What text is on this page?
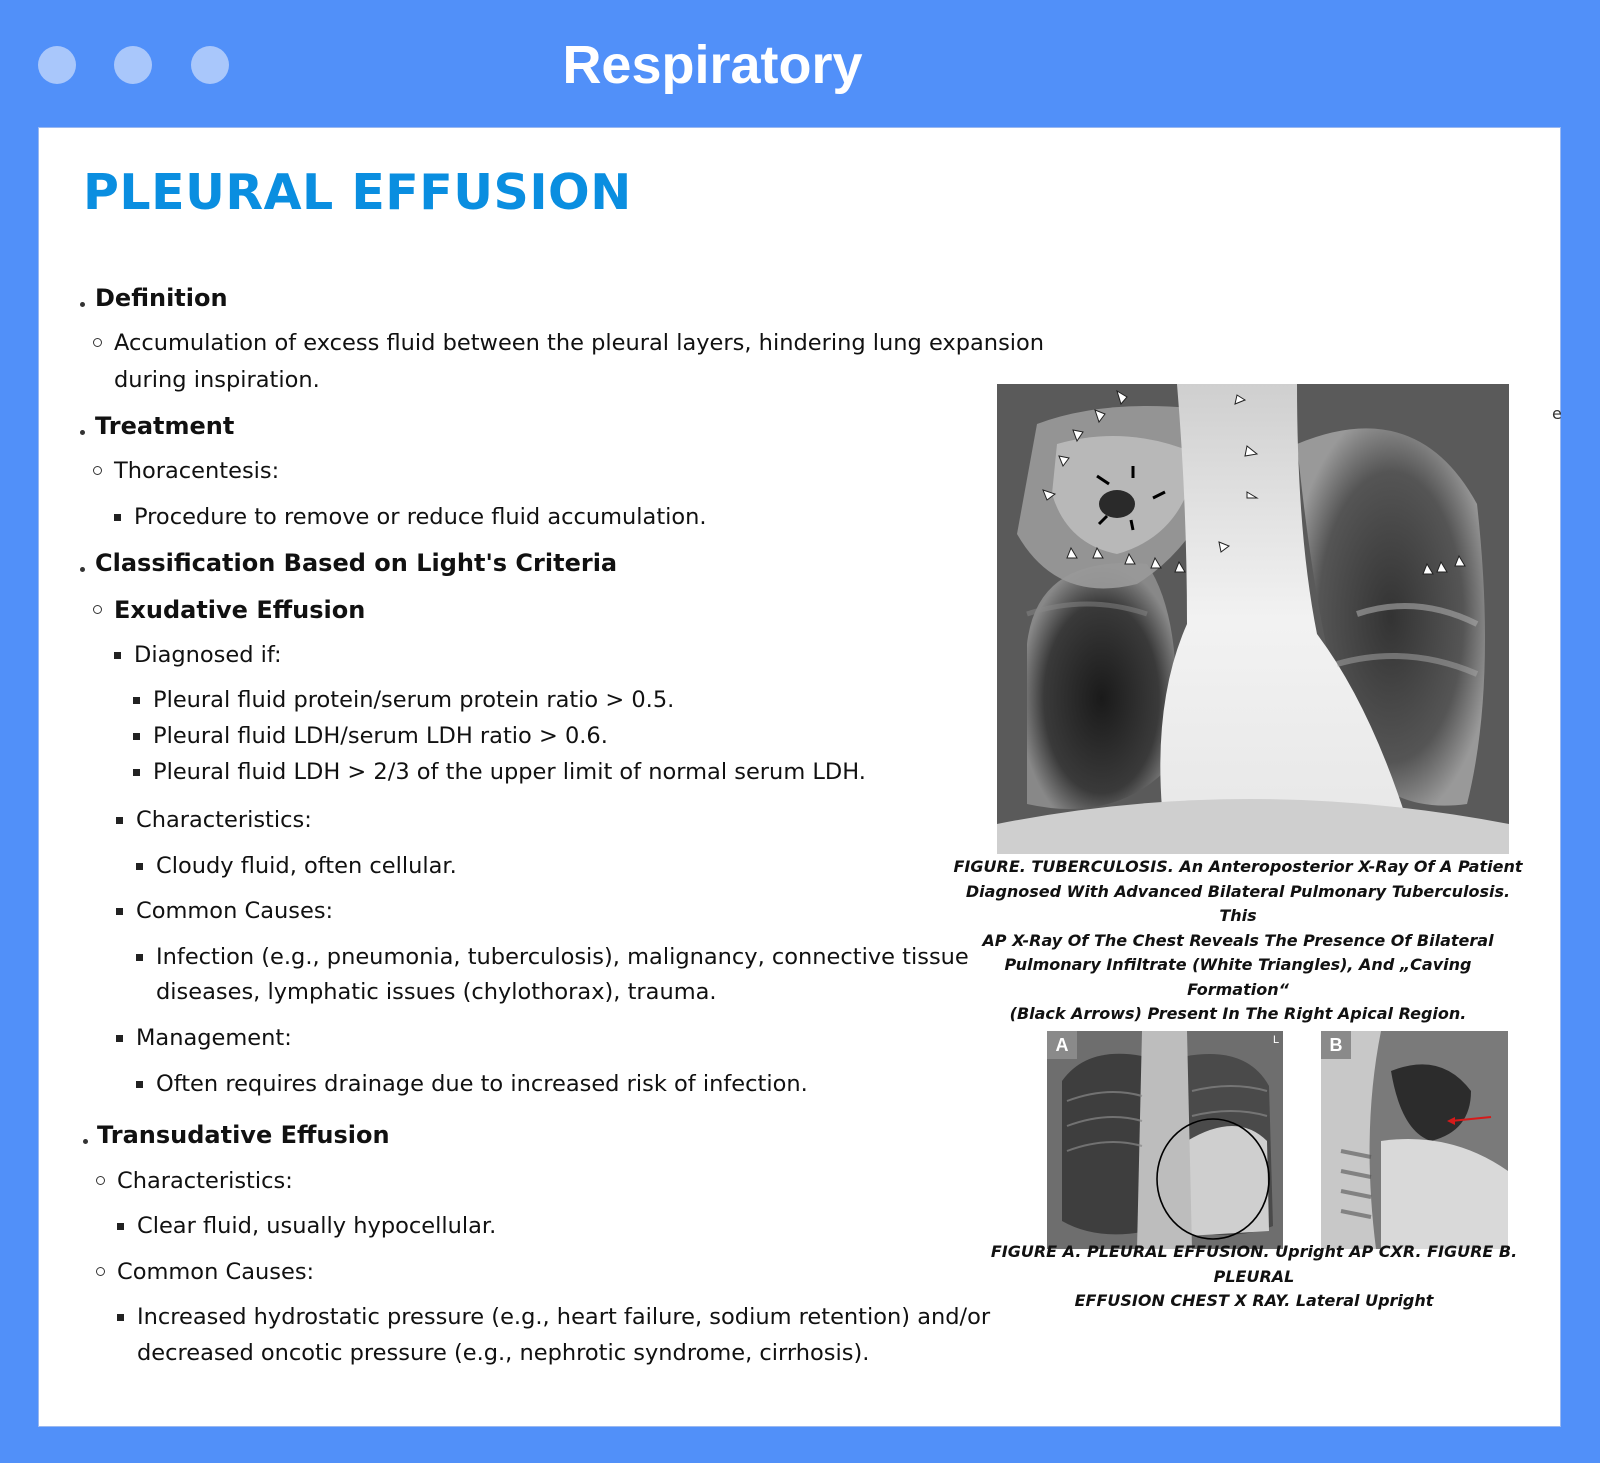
Respiratory
PLEURAL EFFUSION
Definition
Accumulation of excess fluid between the pleural layers, hindering lung expansion
during inspiration.
Treatment
Thoracentesis:
Procedure to remove or reduce fluid accumulation.
Classification Based on Light's Criteria
Exudative Effusion
Diagnosed if:
Pleural fluid protein/serum protein ratio > 0.5.
Pleural fluid LDH/serum LDH ratio > 0.6.
Pleural fluid LDH > 2/3 of the upper limit of normal serum LDH.
Characteristics:
Cloudy fluid, often cellular.
Common Causes:
Infection (e.g., pneumonia, tuberculosis), malignancy, connective tissue
diseases, lymphatic issues (chylothorax), trauma.
Management:
Often requires drainage due to increased risk of infection.
Transudative Effusion
Characteristics:
Clear fluid, usually hypocellular.
Common Causes:
Increased hydrostatic pressure (e.g., heart failure, sodium retention) and/or
decreased oncotic pressure (e.g., nephrotic syndrome, cirrhosis).
FIGURE. TUBERCULOSIS. An Anteroposterior X-Ray Of A Patient
Diagnosed With Advanced Bilateral Pulmonary Tuberculosis. This
AP X-Ray Of The Chest Reveals The Presence Of Bilateral
Pulmonary Infiltrate (White Triangles), And „Caving Formation“
(Black Arrows) Present In The Right Apical Region.
L
A	B
FIGURE A. PLEURAL EFFUSION. Upright AP CXR. FIGURE B. PLEURAL
EFFUSION CHEST X RAY. Lateral Upright
e
